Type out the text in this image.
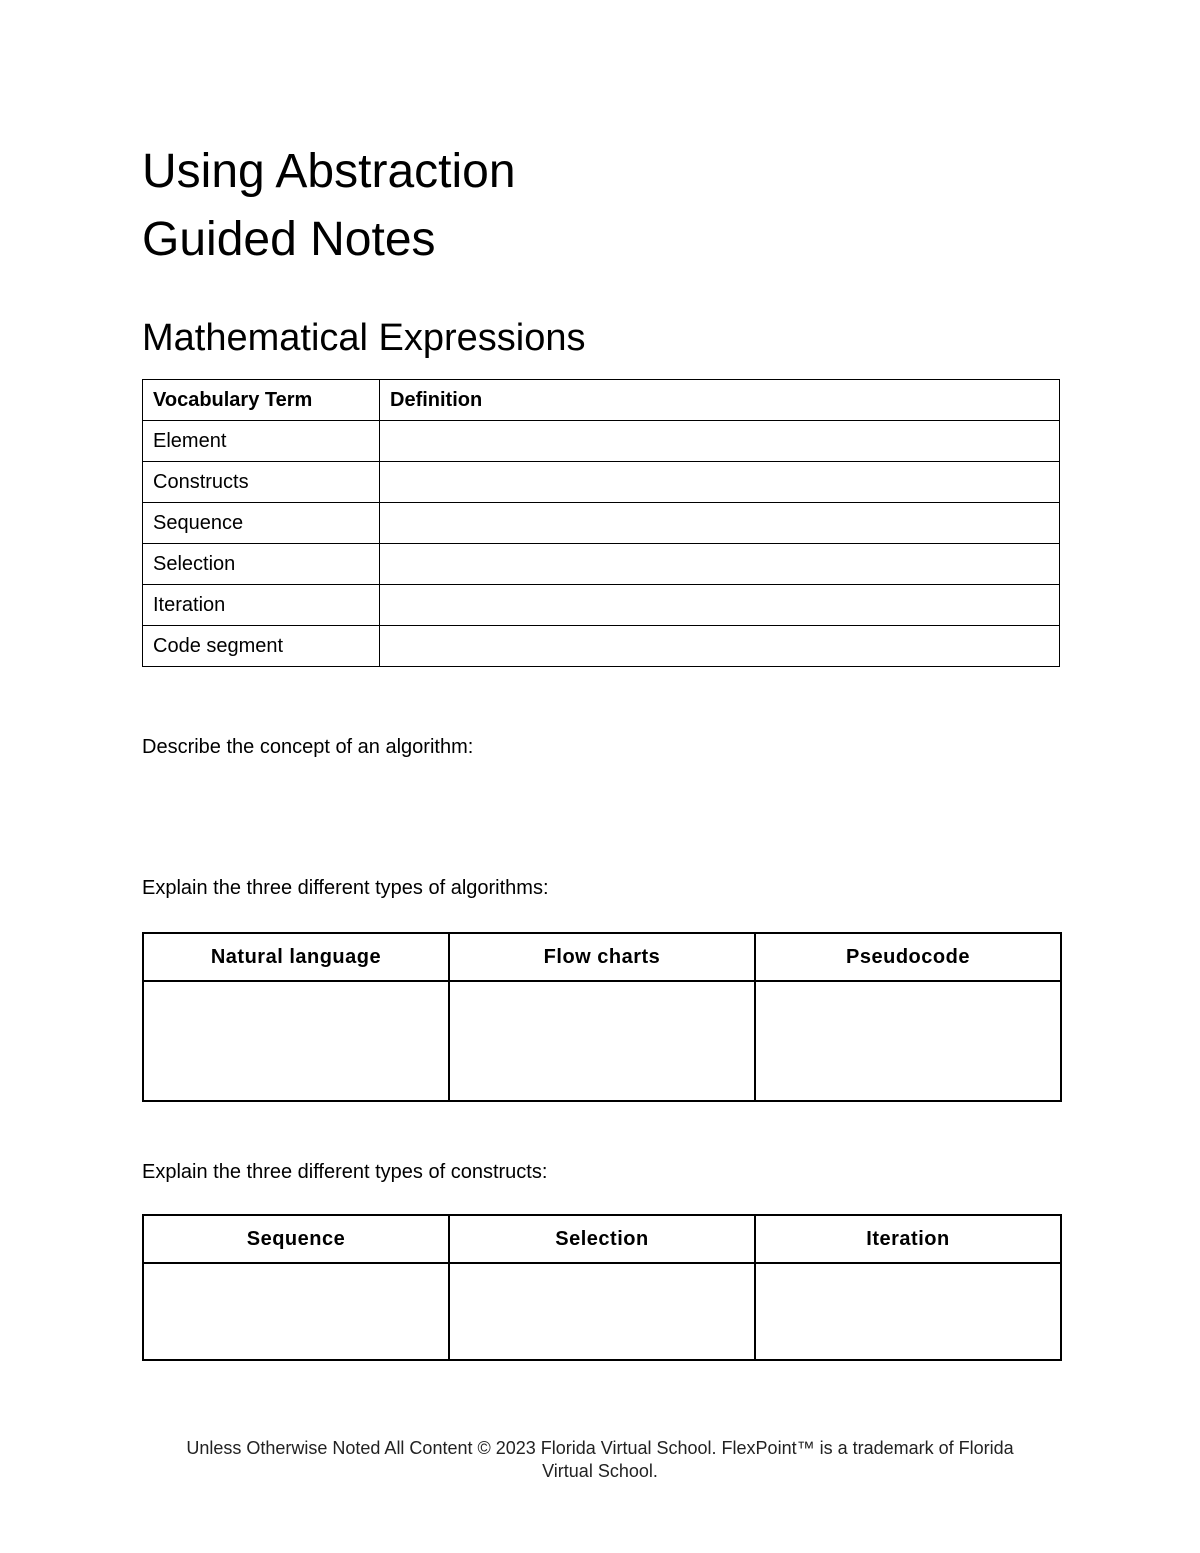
Using Abstraction
Guided Notes
Mathematical Expressions
Vocabulary Term	Definition
Element	
Constructs	
Sequence	
Selection	
Iteration	
Code segment	
Describe the concept of an algorithm:
Explain the three different types of algorithms:
Natural language	Flow charts	Pseudocode

Explain the three different types of constructs:
Sequence	Selection	Iteration

Unless Otherwise Noted All Content © 2023 Florida Virtual School. FlexPoint™ is a trademark of Florida
Virtual School.
